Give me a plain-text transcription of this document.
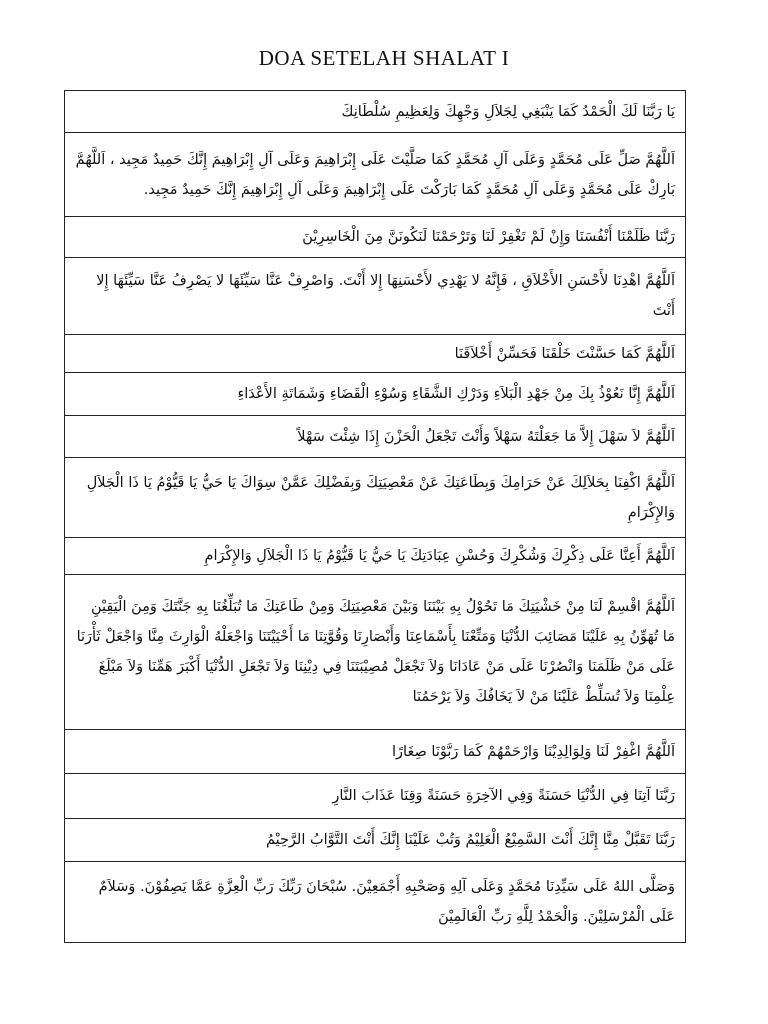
DOA SETELAH SHALAT I
يَا رَبَّنَا لَكَ الْحَمْدُ كَمَا يَنْبَغِي لِجَلاَلِ وَجْهِكَ وَلِعَظِيمِ سُلْطَانِكَ
اَللَّهُمَّ صَلِّ عَلَى مُحَمَّدٍ وَعَلَى آلِ مُحَمَّدٍ كَمَا صَلَّيْتَ عَلَى إِبْرَاهِيمَ وَعَلَى آلِ إِبْرَاهِيمَ إِنَّكَ حَمِيدٌ مَجِيد ، اَللَّهُمَّ بَارِكْ عَلَى مُحَمَّدٍ وَعَلَى آلِ مُحَمَّدٍ كَمَا بَارَكْتَ عَلَى إِبْرَاهِيمَ وَعَلَى آلِ إِبْرَاهِيمَ إِنَّكَ حَمِيدٌ مَجِيد.
رَبَّنَا ظَلَمْنَا أَنْفُسَنَا وَإِنْ لَمْ تَغْفِرْ لَنَا وَتَرْحَمْنَا لَنَكُونَنَّ مِنَ الْخَاسِرِيْنَ
اَللَّهُمَّ اهْدِنَا لأَحْسَنِ الأَخْلاَقِ ، فَإِنَّهُ لا يَهْدِي لأَحْسَنِهَا إِلا أَنْتَ. وَاصْرِفْ عَنَّا سَيِّئَهَا لا يَصْرِفُ عَنَّا سَيِّئَهَا إِلا أَنْتَ
اَللَّهُمَّ كَمَا حَسَّنْتَ خَلْقَنَا فَحَسِّنْ أَخْلاَقَنَا
اَللَّهُمَّ إِنَّا نَعُوْذُ بِكَ مِنْ جَهْدِ الْبَلاَءِ وَدَرْكِ الشَّقَاءِ وَسُوْءِ الْقَضَاءِ وَشَمَاتَةِ الأَعْدَاءِ
اَللَّهُمَّ لاَ سَهْلَ إِلاَّ مَا جَعَلْتَهُ سَهْلاً وَأَنْتَ تَجْعَلُ الْحَزْنَ إِذَا شِئْتَ سَهْلاً
اَللَّهُمَّ اكْفِنَا بِحَلاَلِكَ عَنْ حَرَامِكَ وَبِطَاعَتِكَ عَنْ مَعْصِيَتِكَ وَبِفَضْلِكَ عَمَّنْ سِوَاكَ يَا حَيُّ يَا قَيُّوْمُ يَا ذَا الْجَلاَلِ وَالإِكْرَامِ
اَللَّهُمَّ أَعِنَّا عَلَى ذِكْرِكَ وَشُكْرِكَ وَحُسْنِ عِبَادَتِكَ يَا حَيُّ يَا قَيُّوْمُ يَا ذَا الْجَلاَلِ وَالإِكْرَامِ
اَللَّهُمَّ اقْسِمْ لَنَا مِنْ خَشْيَتِكَ مَا تَحُوْلُ بِهِ بَيْنَنَا وَبَيْنَ مَعْصِيَتِكَ وَمِنْ طَاعَتِكَ مَا تُبَلِّغُنَا بِهِ جَنَّتَكَ وَمِنَ الْيَقِيْنِ مَا تُهَوِّنُ بِهِ عَلَيْنَا مَصَائِبَ الدُّنْيَا وَمَتِّعْنَا بِأَسْمَاعِنَا وَأَبْصَارِنَا وَقُوَّتِنَا مَا أَحْيَيْتَنَا وَاجْعَلْهُ الْوَارِثَ مِنَّا وَاجْعَلْ ثَأْرَنَا عَلَى مَنْ ظَلَمَنَا وَانْصُرْنَا عَلَى مَنْ عَادَانَا وَلاَ تَجْعَلْ مُصِيْبَتَنَا فِي دِيْنِنَا وَلاَ تَجْعَلِ الدُّنْيَا أَكْبَرَ هَمِّنَا وَلاَ مَبْلَغَ عِلْمِنَا وَلاَ تُسَلِّطْ عَلَيْنَا مَنْ لاَ يَخَافُكَ وَلاَ يَرْحَمُنَا
اَللَّهُمَّ اغْفِرْ لَنَا وَلِوَالِدِيْنَا وَارْحَمْهُمْ كَمَا رَبَّوْنَا صِغَارًا
رَبَّنَا آتِنَا فِي الدُّنْيَا حَسَنَةً وَفِي الآخِرَةِ حَسَنَةً وَقِنَا عَذَابَ النَّارِ
رَبَّنَا تَقَبَّلْ مِنَّا إِنَّكَ أَنْتَ السَّمِيْعُ الْعَلِيْمُ وَتُبْ عَلَيْنَا إِنَّكَ أَنْتَ التَّوَّابُ الرَّحِيْمُ
وَصَلَّى اللهُ عَلَى سَيِّدِنَا مُحَمَّدٍ وَعَلَى آلِهِ وَصَحْبِهِ أَجْمَعِيْنَ. سُبْحَانَ رَبِّكَ رَبِّ الْعِزَّةِ عَمَّا يَصِفُوْنَ. وَسَلاَمٌ عَلَى الْمُرْسَلِيْنَ. وَالْحَمْدُ لِلَّهِ رَبِّ الْعَالَمِيْنَ
